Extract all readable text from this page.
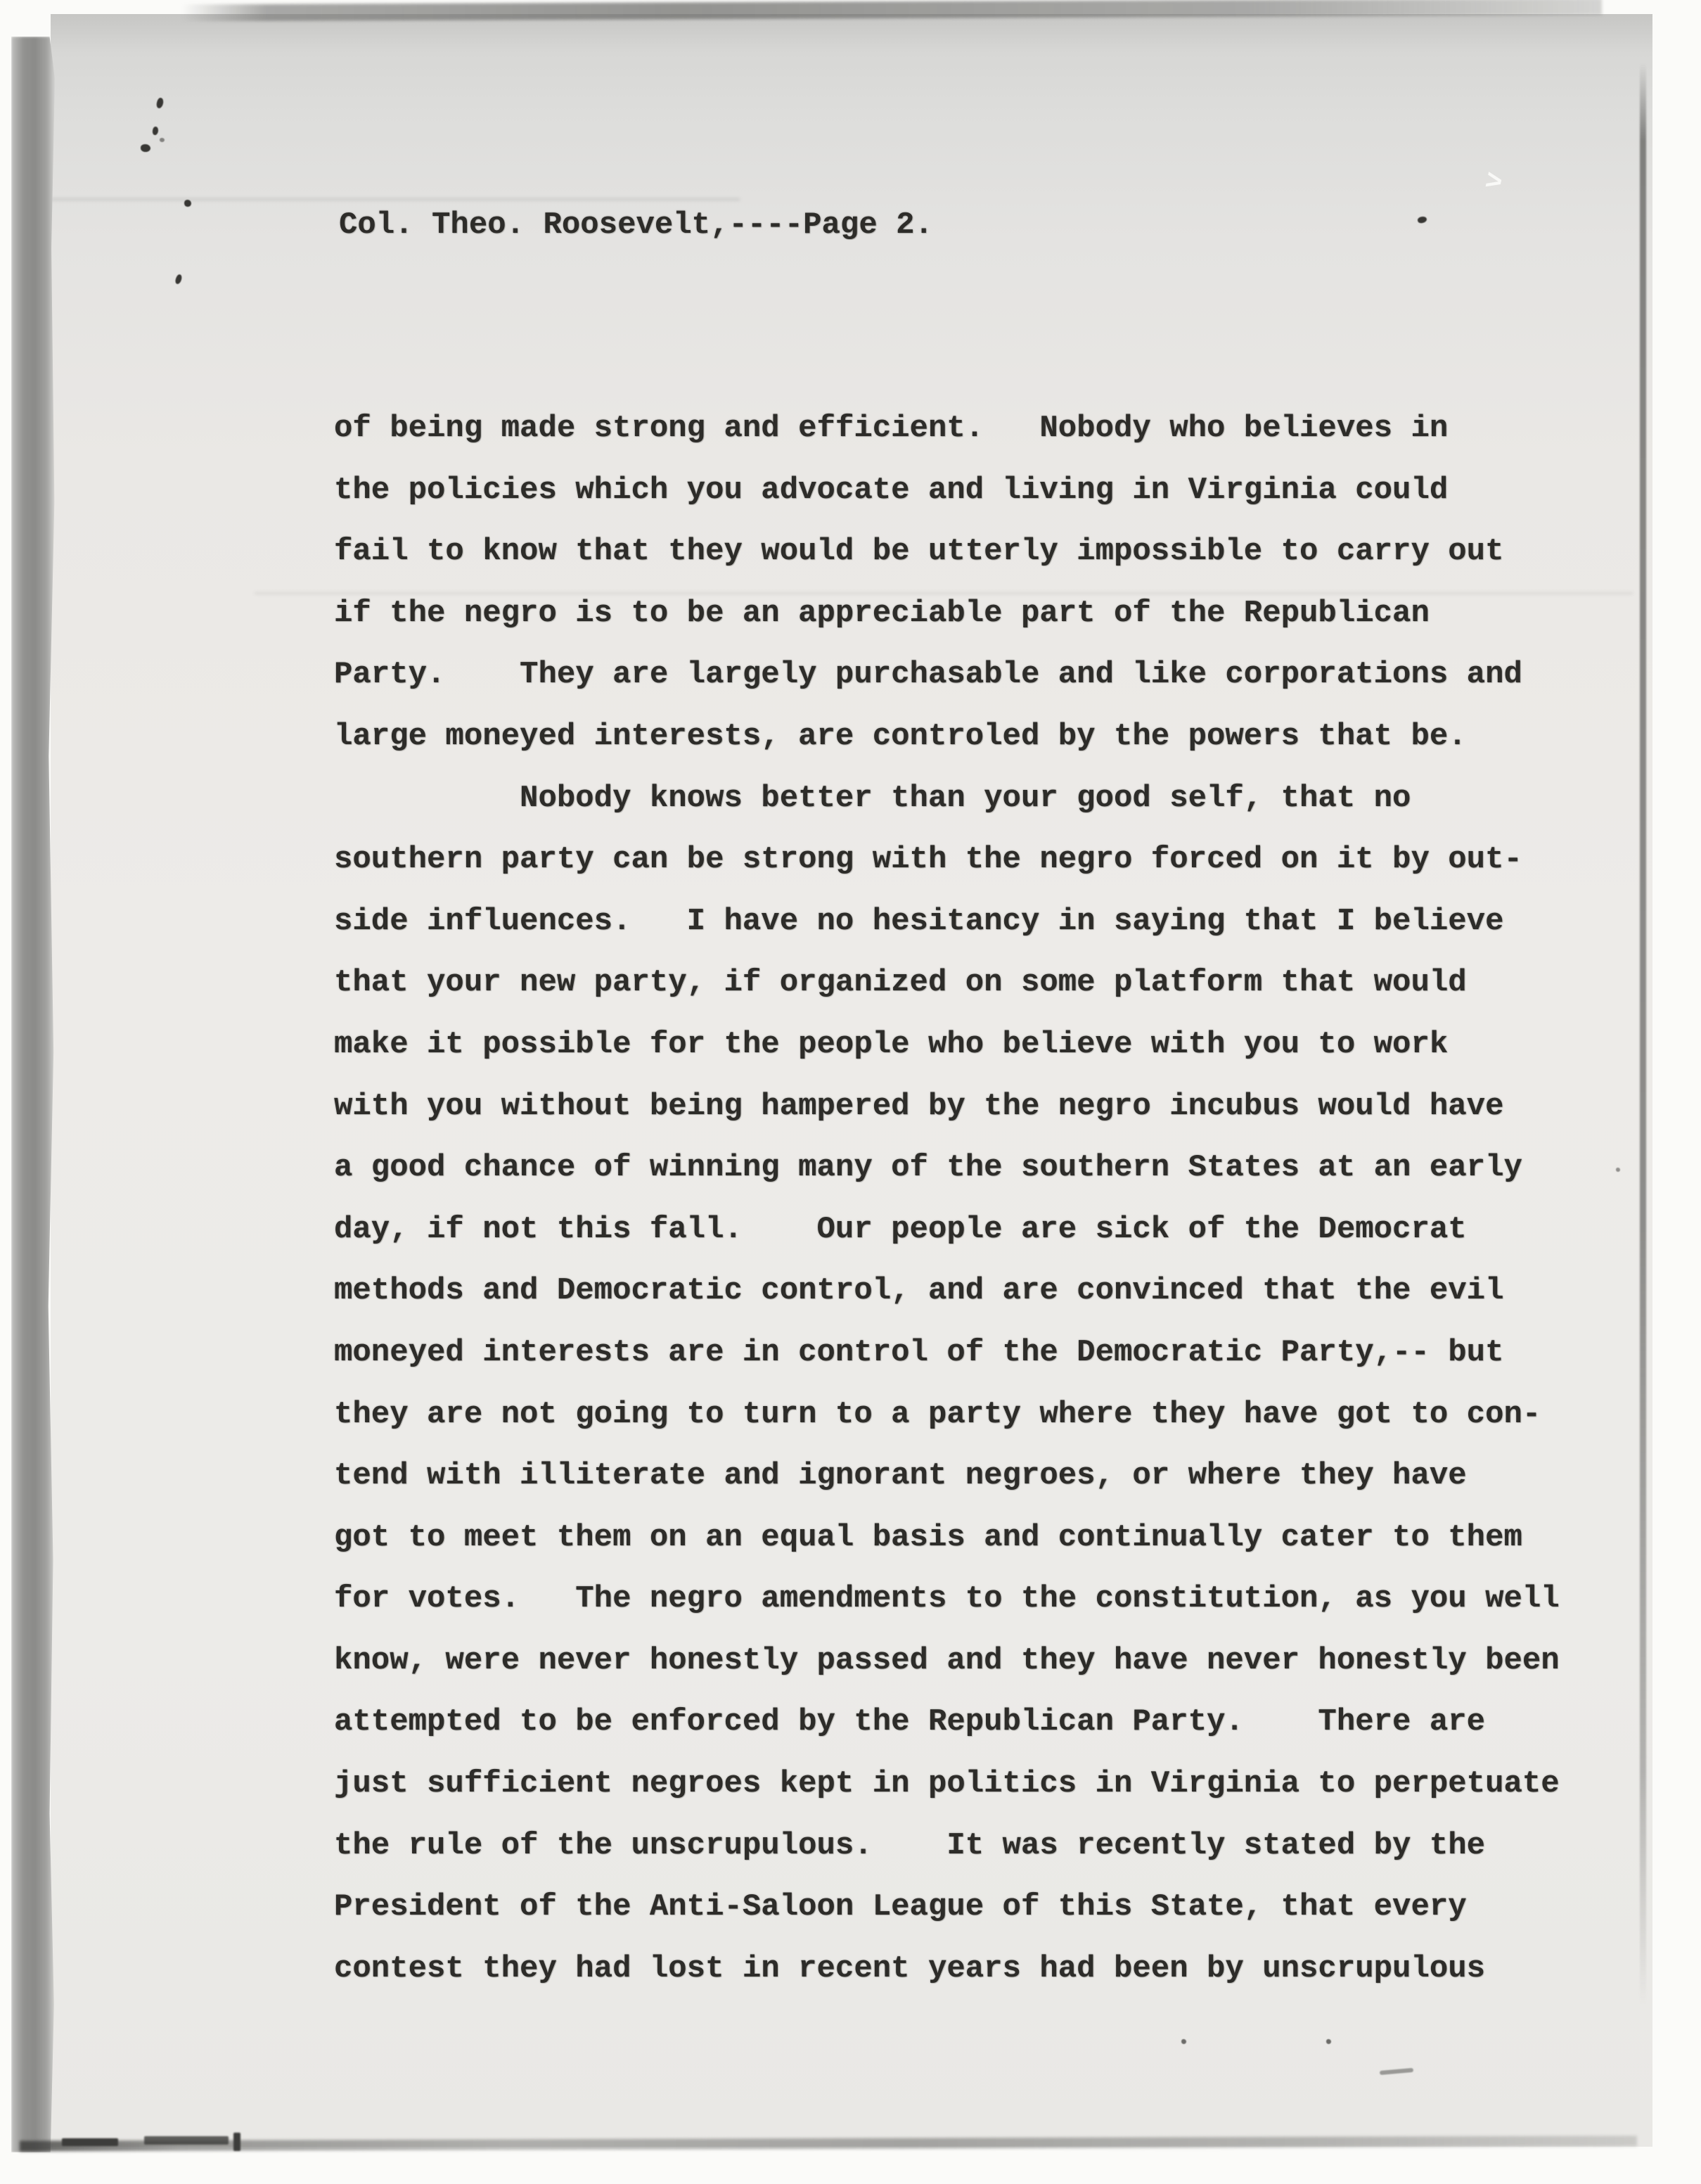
Col. Theo. Roosevelt,----Page 2.
of being made strong and efficient.   Nobody who believes in
the policies which you advocate and living in Virginia could
fail to know that they would be utterly impossible to carry out
if the negro is to be an appreciable part of the Republican
Party.    They are largely purchasable and like corporations and
large moneyed interests, are controled by the powers that be.
Nobody knows better than your good self, that no
southern party can be strong with the negro forced on it by out-
side influences.   I have no hesitancy in saying that I believe
that your new party, if organized on some platform that would
make it possible for the people who believe with you to work
with you without being hampered by the negro incubus would have
a good chance of winning many of the southern States at an early
day, if not this fall.    Our people are sick of the Democrat
methods and Democratic control, and are convinced that the evil
moneyed interests are in control of the Democratic Party,-- but
they are not going to turn to a party where they have got to con-
tend with illiterate and ignorant negroes, or where they have
got to meet them on an equal basis and continually cater to them
for votes.   The negro amendments to the constitution, as you well
know, were never honestly passed and they have never honestly been
attempted to be enforced by the Republican Party.    There are
just sufficient negroes kept in politics in Virginia to perpetuate
the rule of the unscrupulous.    It was recently stated by the
President of the Anti-Saloon League of this State, that every
contest they had lost in recent years had been by unscrupulous
>
